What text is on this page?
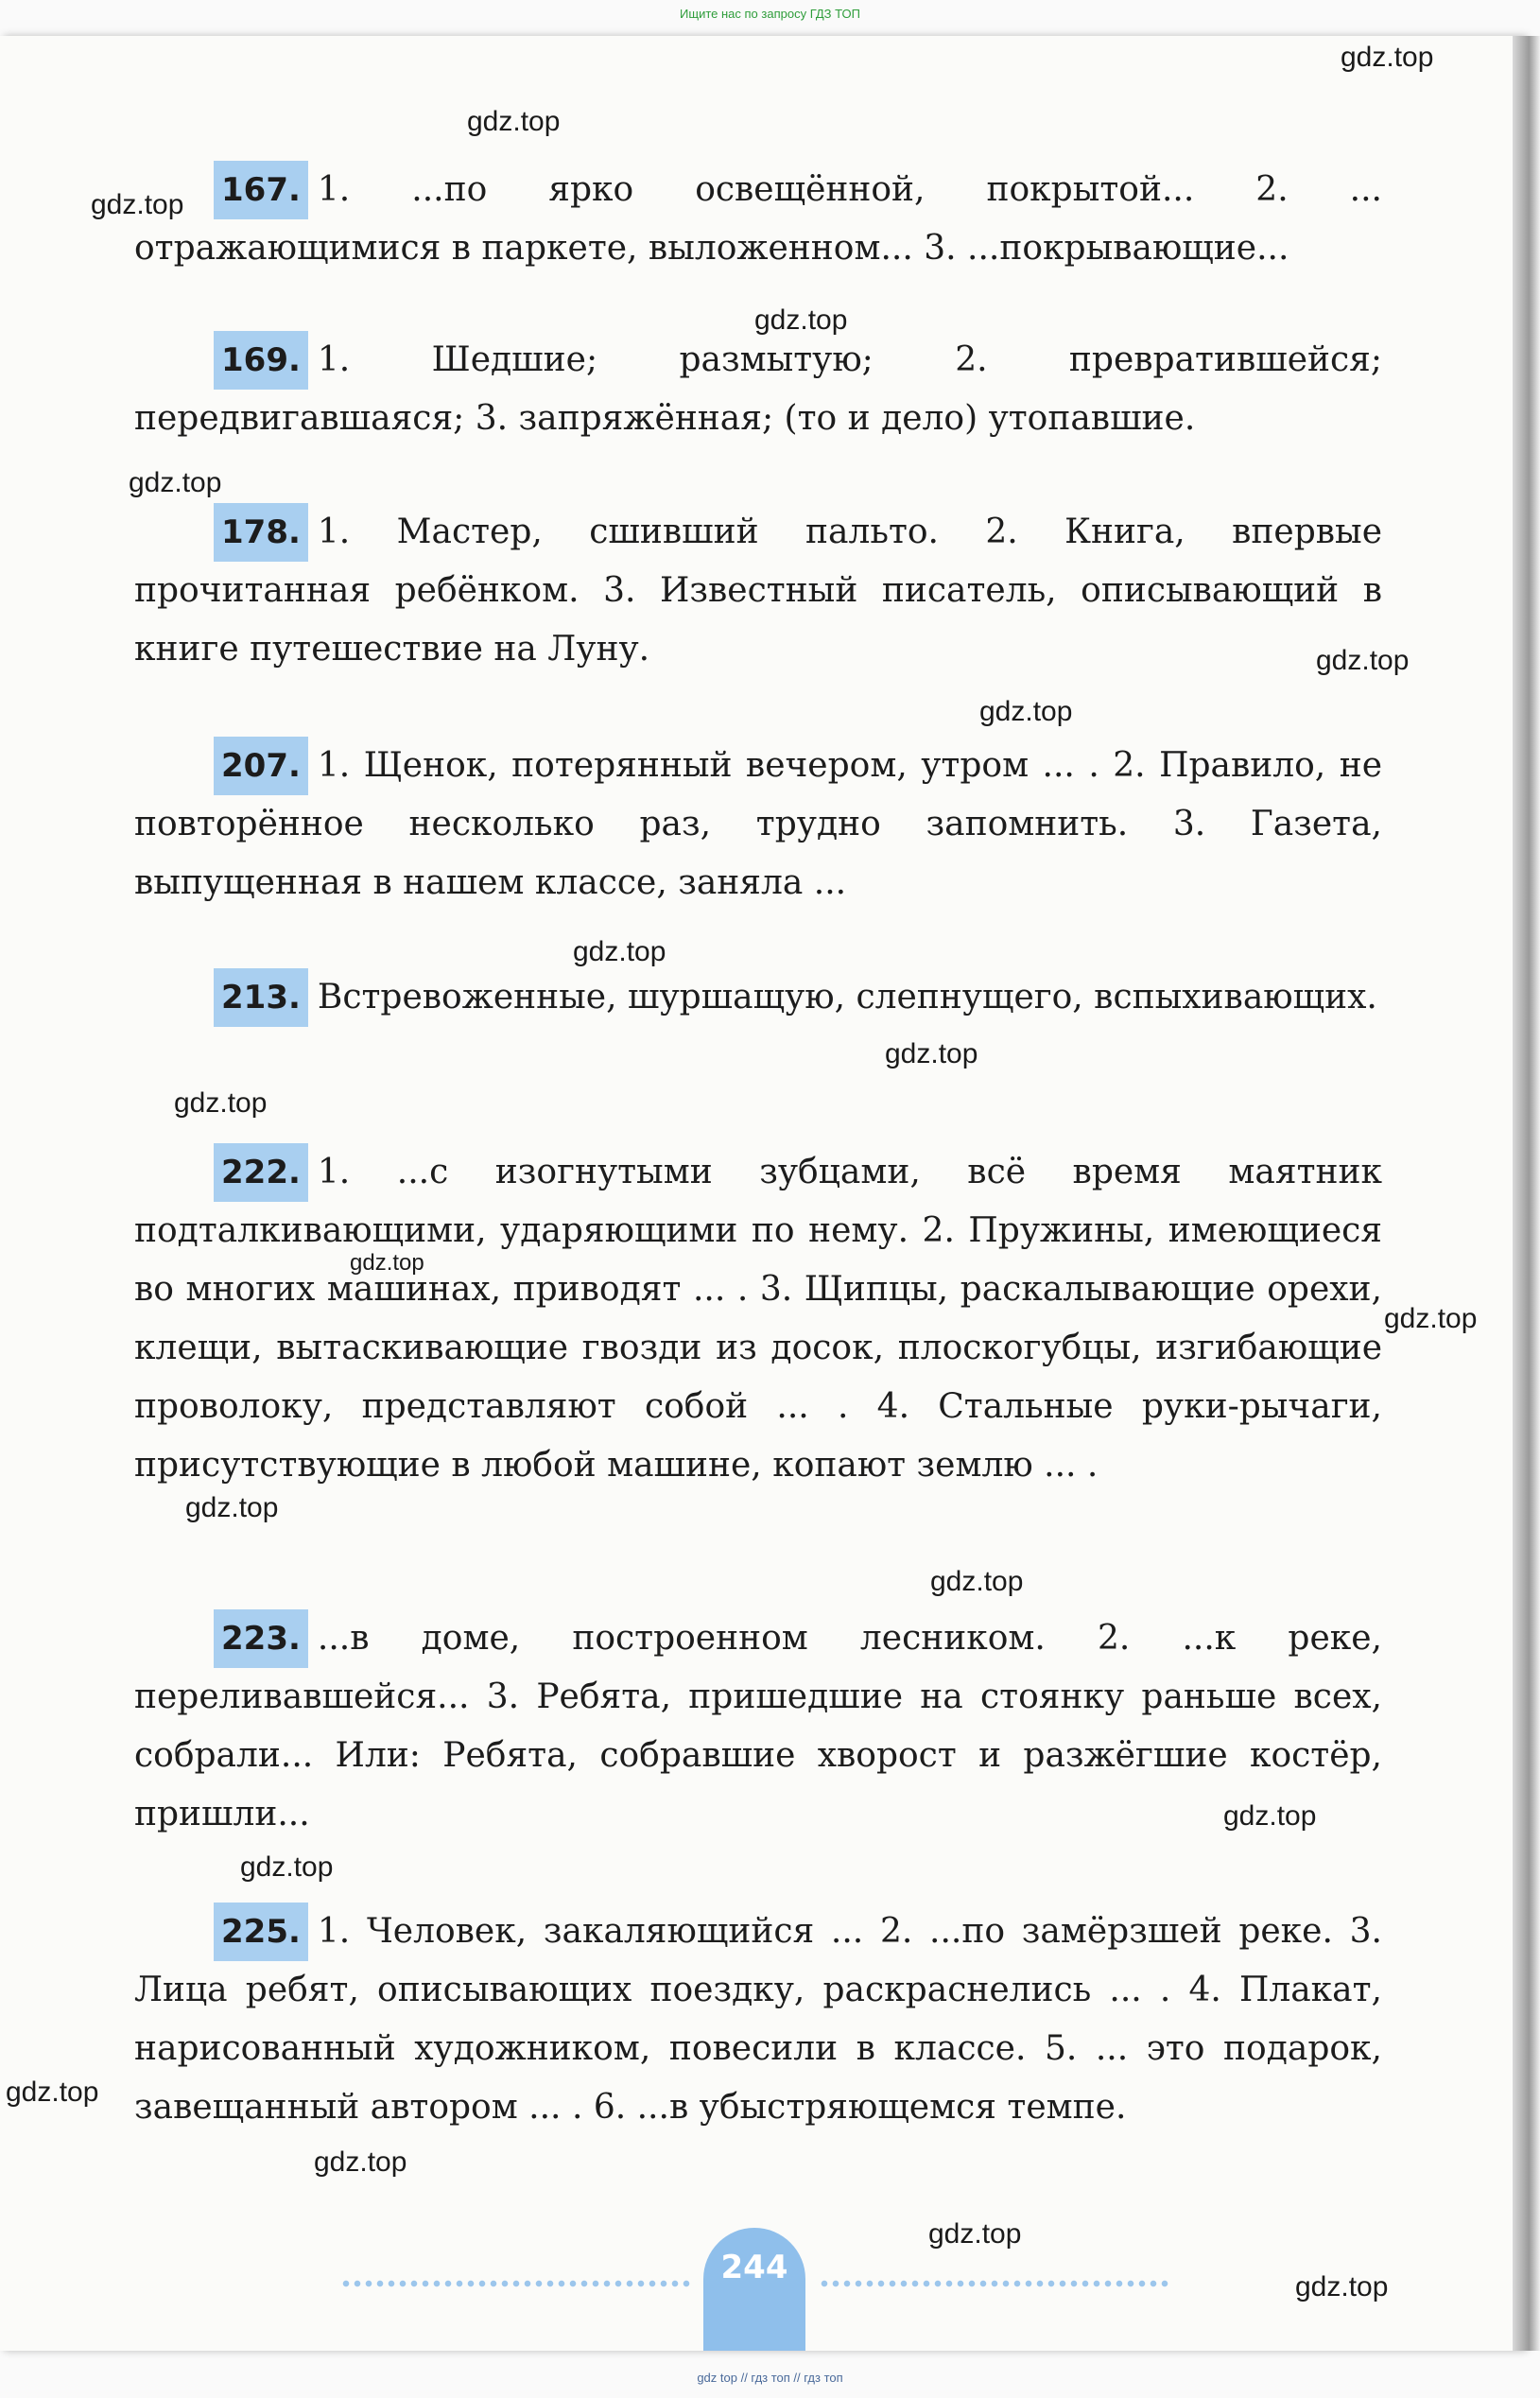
Ищите нас по запросу ГДЗ ТОП
167. 1. ...по ярко освещённой, покрытой... 2. ... отражающимися в паркете, выложенном... 3. ...покрывающие...
169. 1. Шедшие; размытую; 2. превратившейся; передвигавшаяся; 3. запряжённая; (то и дело) утопавшие.
178. 1. Мастер, сшивший пальто. 2. Книга, впервые прочитанная ребёнком. 3. Известный писатель, описывающий в книге путешествие на Луну.
207. 1. Щенок, потерянный вечером, утром ... . 2. Правило, не повторённое несколько раз, трудно запомнить. 3. Газета, выпущенная в нашем классе, заняла ...
213. Встревоженные, шуршащую, слепнущего, вспыхивающих.
222. 1. ...с изогнутыми зубцами, всё время маятник подталкивающими, ударяющими по нему. 2. Пружины, имеющиеся во многих машинах, приводят ... . 3. Щипцы, раскалывающие орехи, клещи, вытаскивающие гвозди из досок, плоскогубцы, изгибающие проволоку, представляют собой ... . 4. Стальные руки-рычаги, присутствующие в любой машине, копают землю ... .
223. ...в доме, построенном лесником. 2. ...к реке, переливавшейся... 3. Ребята, пришедшие на стоянку раньше всех, собрали... Или: Ребята, собравшие хворост и разжёгшие костёр, пришли...
225. 1. Человек, закаляющийся ... 2. ...по замёрзшей реке. 3. Лица ребят, описывающих поездку, раскраснелись ... . 4. Плакат, нарисованный художником, повесили в классе. 5. ... это подарок, завещанный автором ... . 6. ...в убыстряющемся темпе.
gdz.top
gdz.top
gdz.top
gdz.top
gdz.top
gdz.top
gdz.top
gdz.top
gdz.top
gdz.top
gdz.top
gdz.top
gdz.top
gdz.top
gdz.top
gdz.top
gdz.top
gdz.top
gdz.top
gdz.top
244
gdz top // гдз топ // гдз топ
